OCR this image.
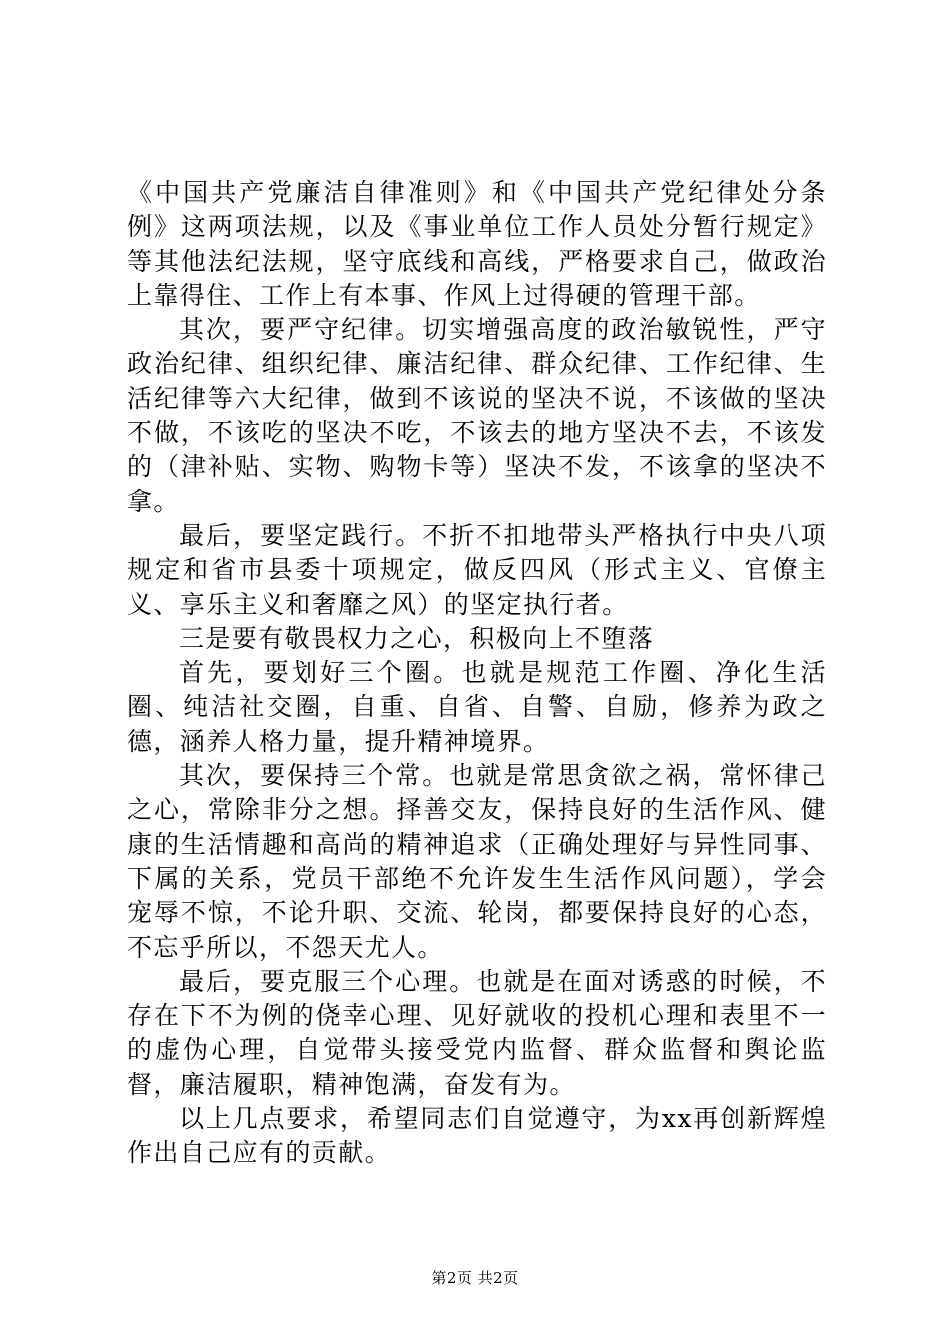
《中国共产党廉洁自律准则》和《中国共产党纪律处分条例》这两项法规，以及《事业单位工作人员处分暂行规定》等其他法纪法规，坚守底线和高线，严格要求自己，做政治上靠得住、工作上有本事、作风上过得硬的管理干部。

其次，要严守纪律。切实增强高度的政治敏锐性，严守政治纪律、组织纪律、廉洁纪律、群众纪律、工作纪律、生活纪律等六大纪律，做到不该说的坚决不说，不该做的坚决不做，不该吃的坚决不吃，不该去的地方坚决不去，不该发的（津补贴、实物、购物卡等）坚决不发，不该拿的坚决不拿。

最后，要坚定践行。不折不扣地带头严格执行中央八项规定和省市县委十项规定，做反四风（形式主义、官僚主义、享乐主义和奢靡之风）的坚定执行者。

三是要有敬畏权力之心，积极向上不堕落

首先，要划好三个圈。也就是规范工作圈、净化生活圈、纯洁社交圈，自重、自省、自警、自励，修养为政之德，涵养人格力量，提升精神境界。

其次，要保持三个常。也就是常思贪欲之祸，常怀律己之心，常除非分之想。择善交友，保持良好的生活作风、健康的生活情趣和高尚的精神追求（正确处理好与异性同事、下属的关系，党员干部绝不允许发生生活作风问题），学会宠辱不惊，不论升职、交流、轮岗，都要保持良好的心态，不忘乎所以，不怨天尤人。

最后，要克服三个心理。也就是在面对诱惑的时候，不存在下不为例的侥幸心理、见好就收的投机心理和表里不一的虚伪心理，自觉带头接受党内监督、群众监督和舆论监督，廉洁履职，精神饱满，奋发有为。

以上几点要求，希望同志们自觉遵守，为xx再创新辉煌作出自己应有的贡献。

第2页 共2页
